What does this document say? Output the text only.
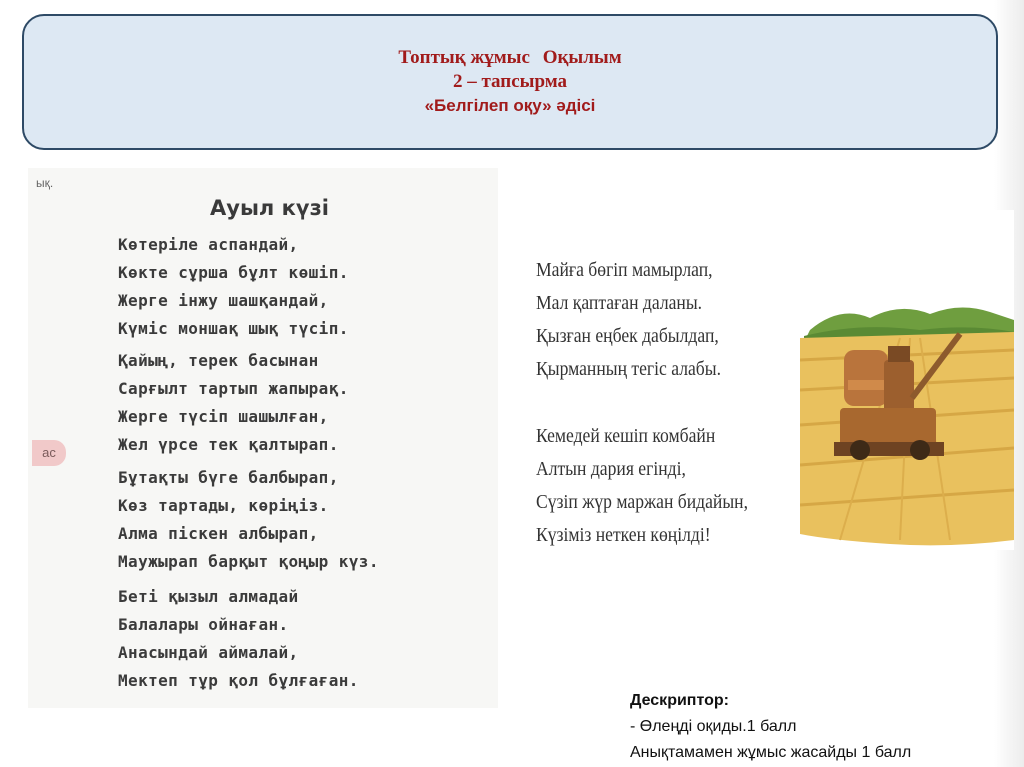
Топтық жұмыс Оқылым
2 – тапсырма
«Белгілеп оқу» әдісі
ық.
ас
Ауыл күзі
Көтеріле аспандай,
Көкте сұрша бұлт көшіп.
Жерге інжу шашқандай,
Күміс моншақ шық түсіп.
Қайың, терек басынан
Сарғылт тартып жапырақ.
Жерге түсіп шашылған,
Жел үрсе тек қалтырап.
Бұтақты бүге балбырап,
Көз тартады, көріңіз.
Алма піскен албырап,
Маужырап барқыт қоңыр күз.
Беті қызыл алмадай
Балалары ойнаған.
Анасындай аймалай,
Мектеп тұр қол бұлғаған.
Майға бөгіп мамырлап,
Мал қаптаған даланы.
Қызған еңбек дабылдап,
Қырманның тегіс алабы.
Кемедей кешіп комбайн
Алтын дария егінді,
Сүзіп жүр маржан бидайын,
Күзіміз неткен көңілді!
Дескриптор:
- Өлеңді оқиды.1 балл
Анықтамамен жұмыс жасайды 1 балл
